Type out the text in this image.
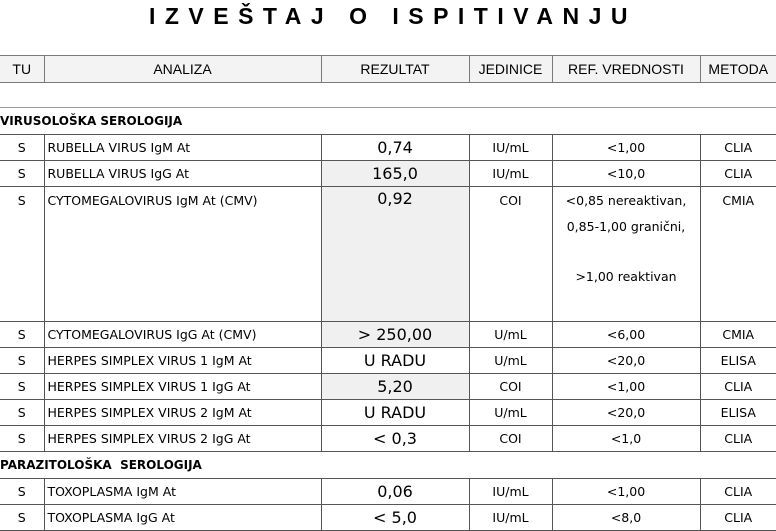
IZVEŠTAJ O ISPITIVANJU
TU	ANALIZA	REZULTAT	JEDINICE	REF. VREDNOSTI	METODA

VIRUSOLOŠKA SEROLOGIJA					
S	RUBELLA VIRUS IgM At	0,74	IU/mL	<1,00	CLIA
S	RUBELLA VIRUS IgG At	165,0	IU/mL	<10,0	CLIA
S	CYTOMEGALOVIRUS IgM At (CMV)	0,92	COI	<0,85 nereaktivan,
0,85-1,00 granični,
>1,00 reaktivan	CMIA
S	CYTOMEGALOVIRUS IgG At (CMV)	> 250,00	U/mL	<6,00	CMIA
S	HERPES SIMPLEX VIRUS 1 IgM At	U RADU	U/mL	<20,0	ELISA
S	HERPES SIMPLEX VIRUS 1 IgG At	5,20	COI	<1,00	CLIA
S	HERPES SIMPLEX VIRUS 2 IgM At	U RADU	U/mL	<20,0	ELISA
S	HERPES SIMPLEX VIRUS 2 IgG At	< 0,3	COI	<1,0	CLIA
PARAZITOLOŠKA  SEROLOGIJA					
S	TOXOPLASMA IgM At	0,06	IU/mL	<1,00	CLIA
S	TOXOPLASMA IgG At	< 5,0	IU/mL	<8,0	CLIA
